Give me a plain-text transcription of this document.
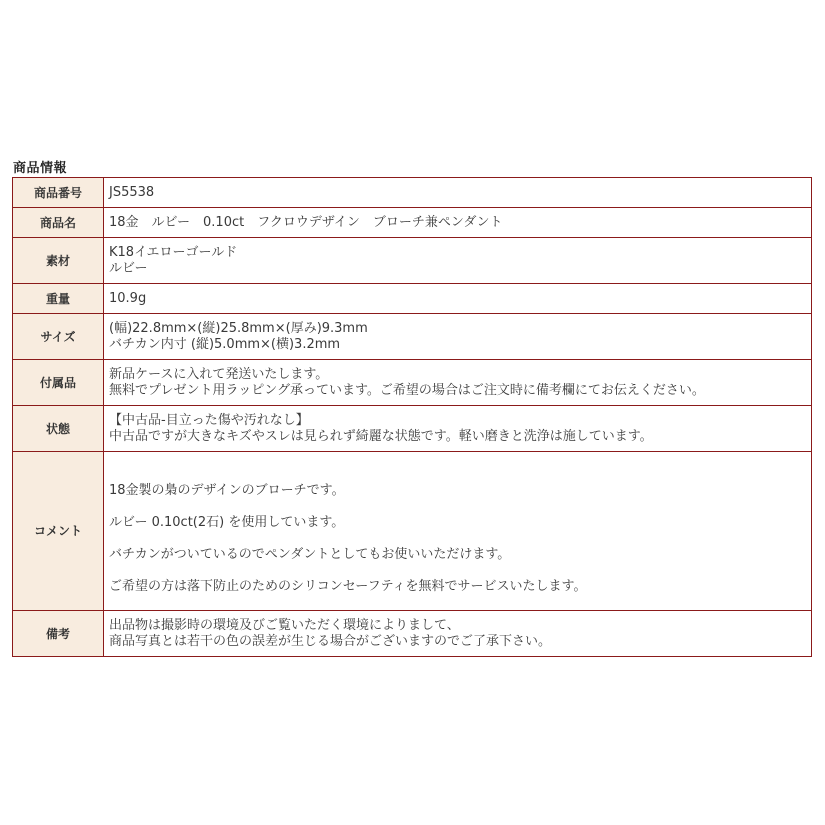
商品情報
商品番号	JS5538
商品名	18金　ルビー　0.10ct　フクロウデザイン　ブローチ兼ペンダント
素材	K18イエローゴールド
ルビー

重量	10.9g
サイズ	(幅)22.8mm×(縦)25.8mm×(厚み)9.3mm
バチカン内寸 (縦)5.0mm×(横)3.2mm

付属品	新品ケースに入れて発送いたします。
無料でプレゼント用ラッピング承っています。ご希望の場合はご注文時に備考欄にてお伝えください。

状態	【中古品-目立った傷や汚れなし】
中古品ですが大きなキズやスレは見られず綺麗な状態です。軽い磨きと洗浄は施しています。

コメント	18金製の梟のデザインのブローチです。
ルビー 0.10ct(2石) を使用しています。
バチカンがついているのでペンダントとしてもお使いいただけます。
ご希望の方は落下防止のためのシリコンセーフティを無料でサービスいたします。

備考	出品物は撮影時の環境及びご覧いただく環境によりまして、
商品写真とは若干の色の誤差が生じる場合がございますのでご了承下さい。
